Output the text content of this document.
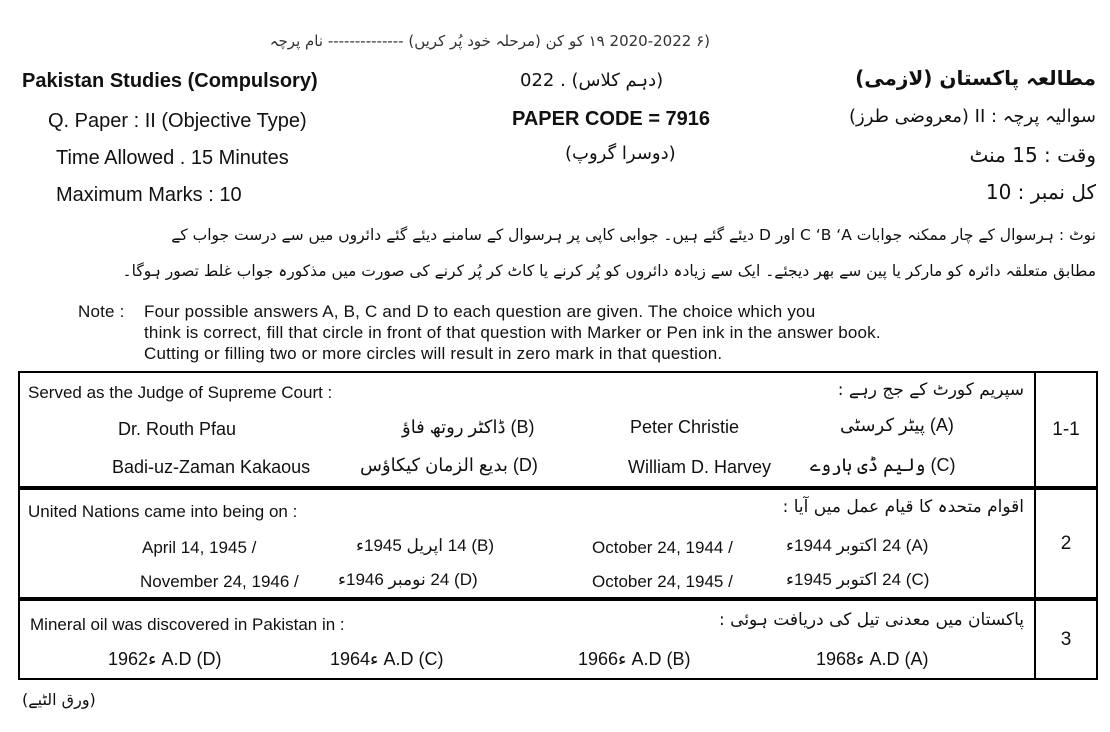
(۶ 2020-2022 ۱۹ کو کن (مرحلہ خود پُر کریں) -------------- نام پرچہ
Pakistan Studies (Compulsory)	(دہم کلاس) . 022	مطالعہ پاکستان (لازمی)
Q. Paper : II (Objective Type)	PAPER CODE = 7916	سوالیہ پرچہ : II (معروضی طرز)
Time Allowed . 15 Minutes	(دوسرا گروپ)	وقت : 15 منٹ
Maximum Marks : 10	کل نمبر : 10
نوٹ : ہرسوال کے چار ممکنہ جوابات C ‘B ‘A اور D دیئے گئے ہیں۔ جوابی کاپی پر ہرسوال کے سامنے دیئے گئے دائروں میں سے درست جواب کے
مطابق متعلقہ دائرہ کو مارکر یا پین سے بھر دیجئے۔ ایک سے زیادہ دائروں کو پُر کرنے یا کاٹ کر پُر کرنے کی صورت میں مذکورہ جواب غلط تصور ہوگا۔
Note : Four possible answers A, B, C and D to each question are given. The choice which you
think is correct, fill that circle in front of that question with Marker or Pen ink in the answer book.
Cutting or filling two or more circles will result in zero mark in that question.
1-1
Served as the Judge of Supreme Court :	سپریم کورٹ کے جج رہے :
Dr. Routh Pfau	(B) ڈاکٹر روتھ فاؤ	Peter Christie	(A) پیٹر کرسٹی
Badi-uz-Zaman Kakaous	(D) بدیع الزمان کیکاؤس	William D. Harvey (C) ولیم ڈی ہاروے
2
United Nations came into being on :	اقوام متحدہ کا قیام عمل میں آیا :
April 14, 1945 /	(B) 14 اپریل 1945ء	October 24, 1944 /	(A) 24 اکتوبر 1944ء
November 24, 1946 / (D) 24 نومبر 1946ء	October 24, 1945 /	(C) 24 اکتوبر 1945ء
3
Mineral oil was discovered in Pakistan in :	پاکستان میں معدنی تیل کی دریافت ہوئی :
ء1962 A.D (D)	ء1964 A.D (C)	ء1966 A.D (B)	ء1968 A.D (A)
(ورق الٹیے)
